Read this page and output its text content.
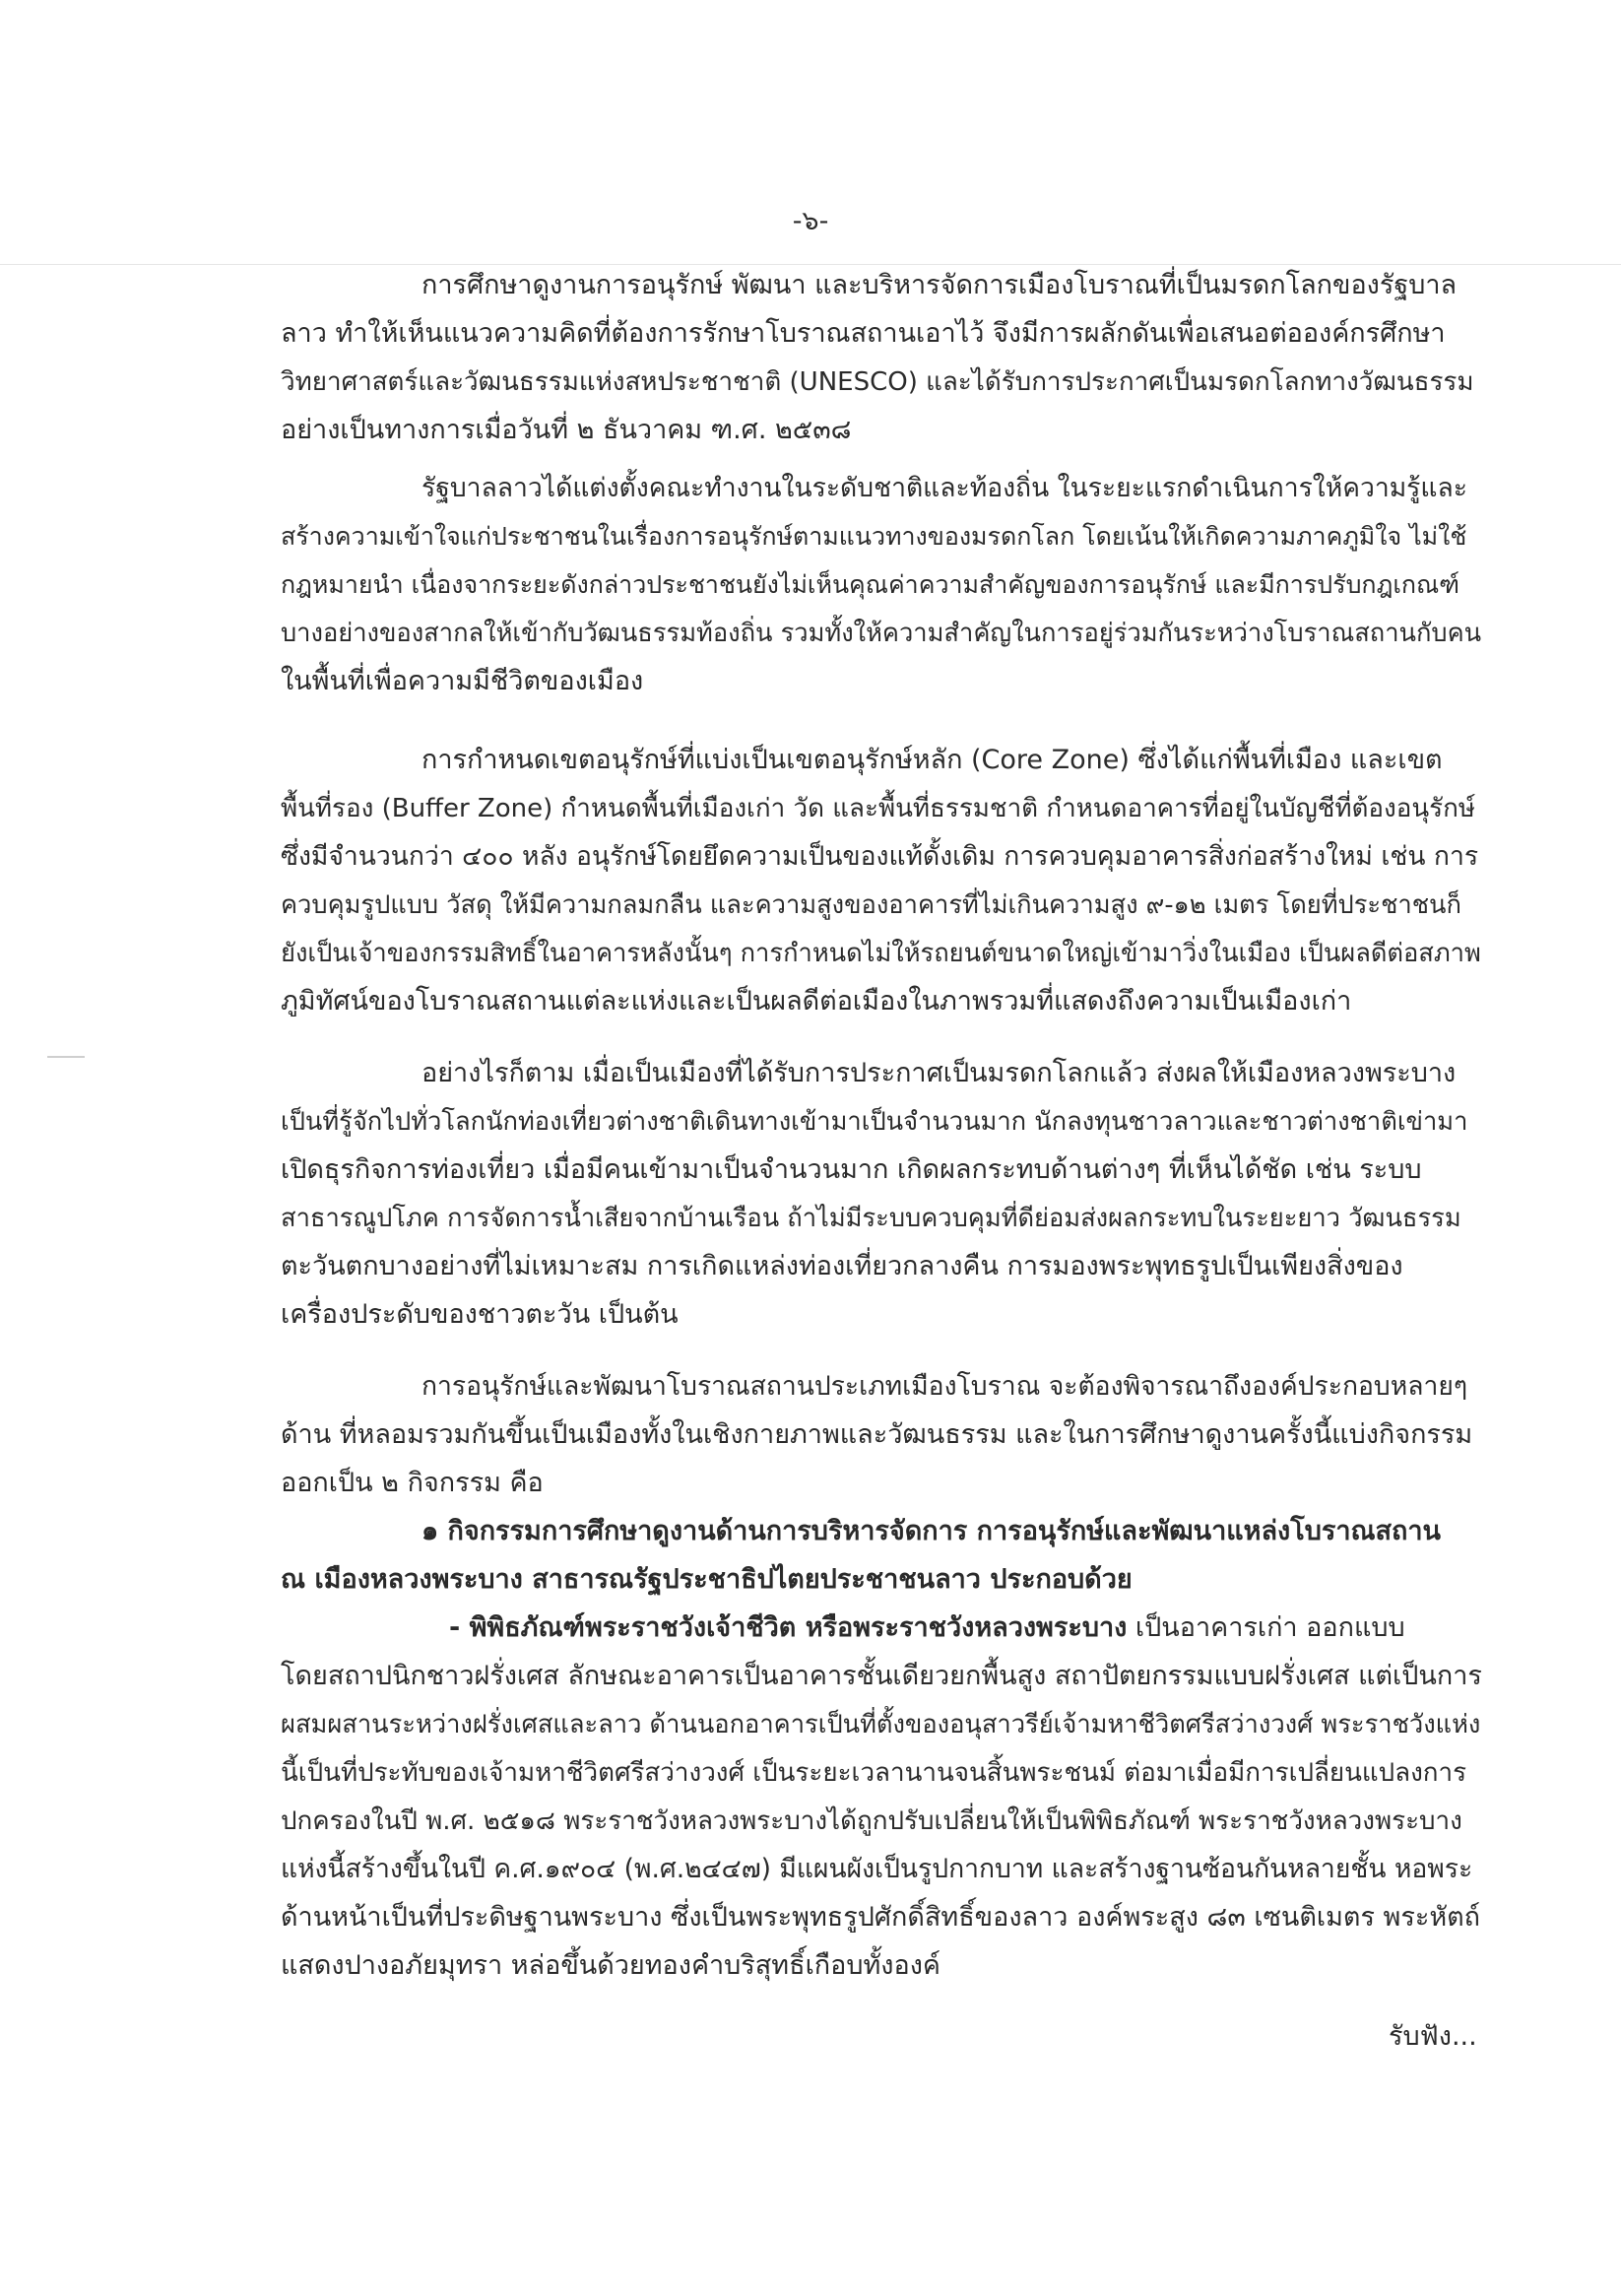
-๖-

การศึกษาดูงานการอนุรักษ์ พัฒนา และบริหารจัดการเมืองโบราณที่เป็นมรดกโลกของรัฐบาล

ลาว ทำให้เห็นแนวความคิดที่ต้องการรักษาโบราณสถานเอาไว้ จึงมีการผลักดันเพื่อเสนอต่อองค์กรศึกษา

วิทยาศาสตร์และวัฒนธรรมแห่งสหประชาชาติ (UNESCO) และได้รับการประกาศเป็นมรดกโลกทางวัฒนธรรม

อย่างเป็นทางการเมื่อวันที่ ๒ ธันวาคม ฑ.ศ. ๒๕๓๘

รัฐบาลลาวได้แต่งตั้งคณะทำงานในระดับชาติและท้องถิ่น ในระยะแรกดำเนินการให้ความรู้และ

สร้างความเข้าใจแก่ประชาชนในเรื่องการอนุรักษ์ตามแนวทางของมรดกโลก โดยเน้นให้เกิดความภาคภูมิใจ ไม่ใช้

กฎหมายนำ เนื่องจากระยะดังกล่าวประชาชนยังไม่เห็นคุณค่าความสำคัญของการอนุรักษ์ และมีการปรับกฎเกณฑ์

บางอย่างของสากลให้เข้ากับวัฒนธรรมท้องถิ่น รวมทั้งให้ความสำคัญในการอยู่ร่วมกันระหว่างโบราณสถานกับคน

ในพื้นที่เพื่อความมีชีวิตของเมือง

การกำหนดเขตอนุรักษ์ที่แบ่งเป็นเขตอนุรักษ์หลัก (Core Zone) ซึ่งได้แก่พื้นที่เมือง และเขต

พื้นที่รอง (Buffer Zone) กำหนดพื้นที่เมืองเก่า วัด และพื้นที่ธรรมชาติ กำหนดอาคารที่อยู่ในบัญชีที่ต้องอนุรักษ์

ซึ่งมีจำนวนกว่า ๔๐๐ หลัง อนุรักษ์โดยยึดความเป็นของแท้ดั้งเดิม การควบคุมอาคารสิ่งก่อสร้างใหม่ เช่น การ

ควบคุมรูปแบบ วัสดุ ให้มีความกลมกลืน และความสูงของอาคารที่ไม่เกินความสูง ๙-๑๒ เมตร โดยที่ประชาชนก็

ยังเป็นเจ้าของกรรมสิทธิ์ในอาคารหลังนั้นๆ การกำหนดไม่ให้รถยนต์ขนาดใหญ่เข้ามาวิ่งในเมือง เป็นผลดีต่อสภาพ

ภูมิทัศน์ของโบราณสถานแต่ละแห่งและเป็นผลดีต่อเมืองในภาพรวมที่แสดงถึงความเป็นเมืองเก่า

อย่างไรก็ตาม เมื่อเป็นเมืองที่ได้รับการประกาศเป็นมรดกโลกแล้ว ส่งผลให้เมืองหลวงพระบาง

เป็นที่รู้จักไปทั่วโลกนักท่องเที่ยวต่างชาติเดินทางเข้ามาเป็นจำนวนมาก นักลงทุนชาวลาวและชาวต่างชาติเข่ามา

เปิดธุรกิจการท่องเที่ยว เมื่อมีคนเข้ามาเป็นจำนวนมาก เกิดผลกระทบด้านต่างๆ ที่เห็นได้ชัด เช่น ระบบ

สาธารณูปโภค การจัดการน้ำเสียจากบ้านเรือน ถ้าไม่มีระบบควบคุมที่ดีย่อมส่งผลกระทบในระยะยาว วัฒนธรรม

ตะวันตกบางอย่างที่ไม่เหมาะสม การเกิดแหล่งท่องเที่ยวกลางคืน การมองพระพุทธรูปเป็นเพียงสิ่งของ

เครื่องประดับของชาวตะวัน เป็นต้น

การอนุรักษ์และพัฒนาโบราณสถานประเภทเมืองโบราณ จะต้องพิจารณาถึงองค์ประกอบหลายๆ

ด้าน ที่หลอมรวมกันขึ้นเป็นเมืองทั้งในเชิงกายภาพและวัฒนธรรม และในการศึกษาดูงานครั้งนี้แบ่งกิจกรรม

ออกเป็น ๒ กิจกรรม คือ

๑ กิจกรรมการศึกษาดูงานด้านการบริหารจัดการ การอนุรักษ์และพัฒนาแหล่งโบราณสถาน

ณ เมืองหลวงพระบาง สาธารณรัฐประชาธิปไตยประชาชนลาว ประกอบด้วย

- พิพิธภัณฑ์พระราชวังเจ้าชีวิต หรือพระราชวังหลวงพระบาง เป็นอาคารเก่า ออกแบบ

โดยสถาปนิกชาวฝรั่งเศส ลักษณะอาคารเป็นอาคารชั้นเดียวยกพื้นสูง สถาปัตยกรรมแบบฝรั่งเศส แต่เป็นการ

ผสมผสานระหว่างฝรั่งเศสและลาว ด้านนอกอาคารเป็นที่ตั้งของอนุสาวรีย์เจ้ามหาชีวิตศรีสว่างวงศ์ พระราชวังแห่ง

นี้เป็นที่ประทับของเจ้ามหาชีวิตศรีสว่างวงศ์ เป็นระยะเวลานานจนสิ้นพระชนม์ ต่อมาเมื่อมีการเปลี่ยนแปลงการ

ปกครองในปี พ.ศ. ๒๕๑๘ พระราชวังหลวงพระบางได้ถูกปรับเปลี่ยนให้เป็นพิพิธภัณฑ์ พระราชวังหลวงพระบาง

แห่งนี้สร้างขึ้นในปี ค.ศ.๑๙๐๔ (พ.ศ.๒๔๔๗) มีแผนผังเป็นรูปกากบาท และสร้างฐานซ้อนกันหลายชั้น หอพระ

ด้านหน้าเป็นที่ประดิษฐานพระบาง ซึ่งเป็นพระพุทธรูปศักดิ์สิทธิ์ของลาว องค์พระสูง ๘๓ เซนติเมตร พระหัตถ์

แสดงปางอภัยมุทรา หล่อขึ้นด้วยทองคำบริสุทธิ์เกือบทั้งองค์

รับฟัง...
